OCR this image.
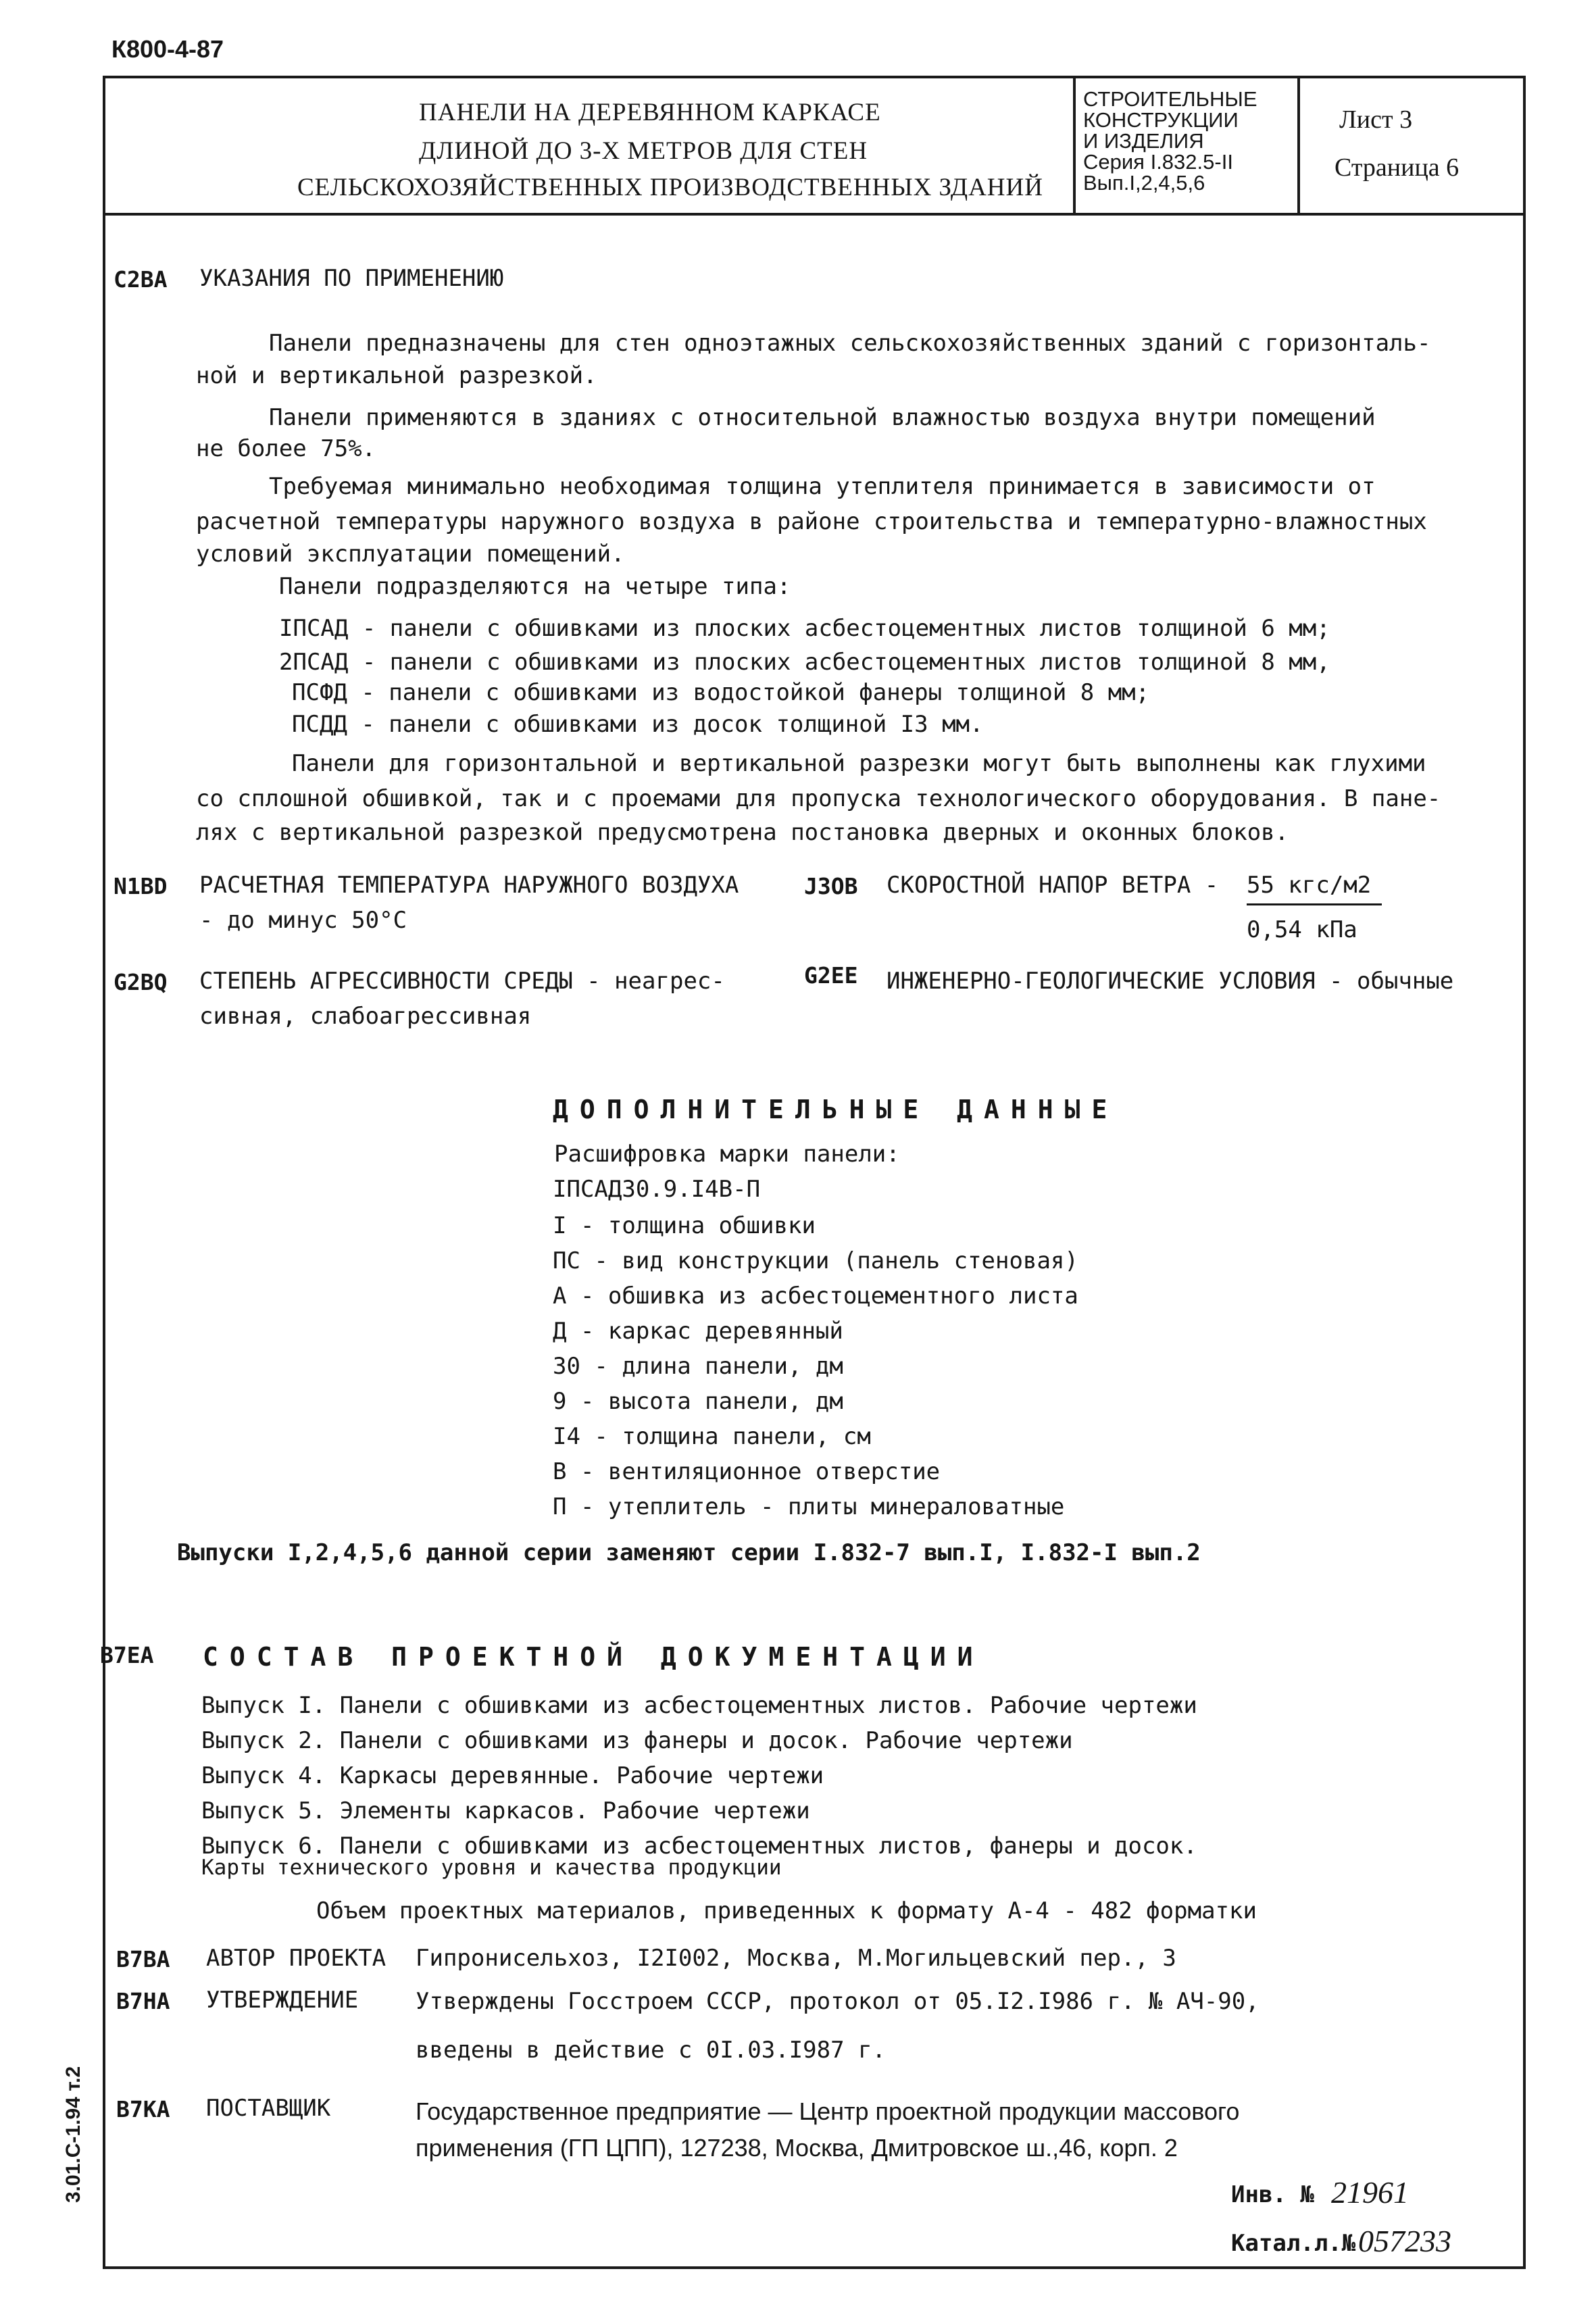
К800-4-87
ПАНЕЛИ НА ДЕРЕВЯННОМ КАРКАСЕ
ДЛИНОЙ ДО 3-Х МЕТРОВ ДЛЯ СТЕН
СЕЛЬСКОХОЗЯЙСТВЕННЫХ ПРОИЗВОДСТВЕННЫХ ЗДАНИЙ
СТРОИТЕЛЬНЫЕ
КОНСТРУКЦИИ
И ИЗДЕЛИЯ
Серия I.832.5-II
Вып.I,2,4,5,6
Лист 3
Страница 6
С2ВА УКАЗАНИЯ ПО ПРИМЕНЕНИЮ
Панели предназначены для стен одноэтажных сельскохозяйственных зданий с горизонталь-
ной и вертикальной разрезкой.
Панели применяются в зданиях с относительной влажностью воздуха внутри помещений
не более 75%.
Требуемая минимально необходимая толщина утеплителя принимается в зависимости от
расчетной температуры наружного воздуха в районе строительства и температурно-влажностных
условий эксплуатации помещений.
Панели подразделяются на четыре типа:
IПСАД - панели с обшивками из плоских асбестоцементных листов толщиной 6 мм;
2ПСАД - панели с обшивками из плоских асбестоцементных листов толщиной 8 мм,
ПСФД - панели с обшивками из водостойкой фанеры толщиной 8 мм;
ПСДД - панели с обшивками из досок толщиной I3 мм.
Панели для горизонтальной и вертикальной разрезки могут быть выполнены как глухими
со сплошной обшивкой, так и с проемами для пропуска технологического оборудования. В пане-
лях с вертикальной разрезкой предусмотрена постановка дверных и оконных блоков.
N1BD РАСЧЕТНАЯ ТЕМПЕРАТУРА НАРУЖНОГО ВОЗДУХА
- до минус 50°С
J3OB СКОРОСТНОЙ НАПОР ВЕТРА - 55 кгс/м2
0,54 кПа
G2BQ СТЕПЕНЬ АГРЕССИВНОСТИ СРЕДЫ - неагрес-
сивная, слабоагрессивная
G2EE ИНЖЕНЕРНО-ГЕОЛОГИЧЕСКИЕ УСЛОВИЯ - обычные
ДОПОЛНИТЕЛЬНЫЕ ДАННЫЕ
Расшифровка марки панели:
IПСАД30.9.I4В-П
I - толщина обшивки
ПС - вид конструкции (панель стеновая)
А - обшивка из асбестоцементного листа
Д - каркас деревянный
30 - длина панели, дм
9 - высота панели, дм
I4 - толщина панели, см
В - вентиляционное отверстие
П - утеплитель - плиты минераловатные
Выпуски I,2,4,5,6 данной серии заменяют серии I.832-7 вып.I, I.832-I вып.2
В7ЕА СОСТАВ ПРОЕКТНОЙ ДОКУМЕНТАЦИИ
Выпуск I. Панели с обшивками из асбестоцементных листов. Рабочие чертежи
Выпуск 2. Панели с обшивками из фанеры и досок. Рабочие чертежи
Выпуск 4. Каркасы деревянные. Рабочие чертежи
Выпуск 5. Элементы каркасов. Рабочие чертежи
Выпуск 6. Панели с обшивками из асбестоцементных листов, фанеры и досок.
Карты технического уровня и качества продукции
Объем проектных материалов, приведенных к формату А-4 - 482 форматки
В7ВА АВТОР ПРОЕКТА Гипронисельхоз, I2I002, Москва, М.Могильцевский пер., 3
В7НА УТВЕРЖДЕНИЕ Утверждены Госстроем СССР, протокол от 05.I2.I986 г. № АЧ-90,
введены в действие с 0I.03.I987 г.
В7КА ПОСТАВЩИК	Государственное предприятие — Центр проектной продукции массового
применения (ГП ЦПП), 127238, Москва, Дмитровское ш.,46, корп. 2
Инв. № 21961
Катал.л.№ 057233
3.01.С-1.94 т.2
